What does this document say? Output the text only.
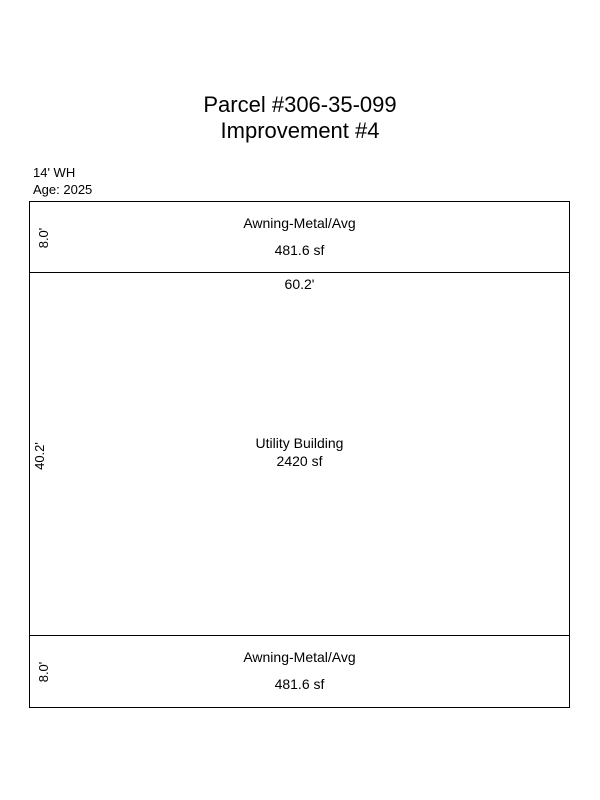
Parcel #306-35-099
Improvement #4
14' WH
Age: 2025
Awning-Metal/Avg
481.6 sf
8.0'
60.2'
Utility Building
2420 sf
40.2'
Awning-Metal/Avg
481.6 sf
8.0'
